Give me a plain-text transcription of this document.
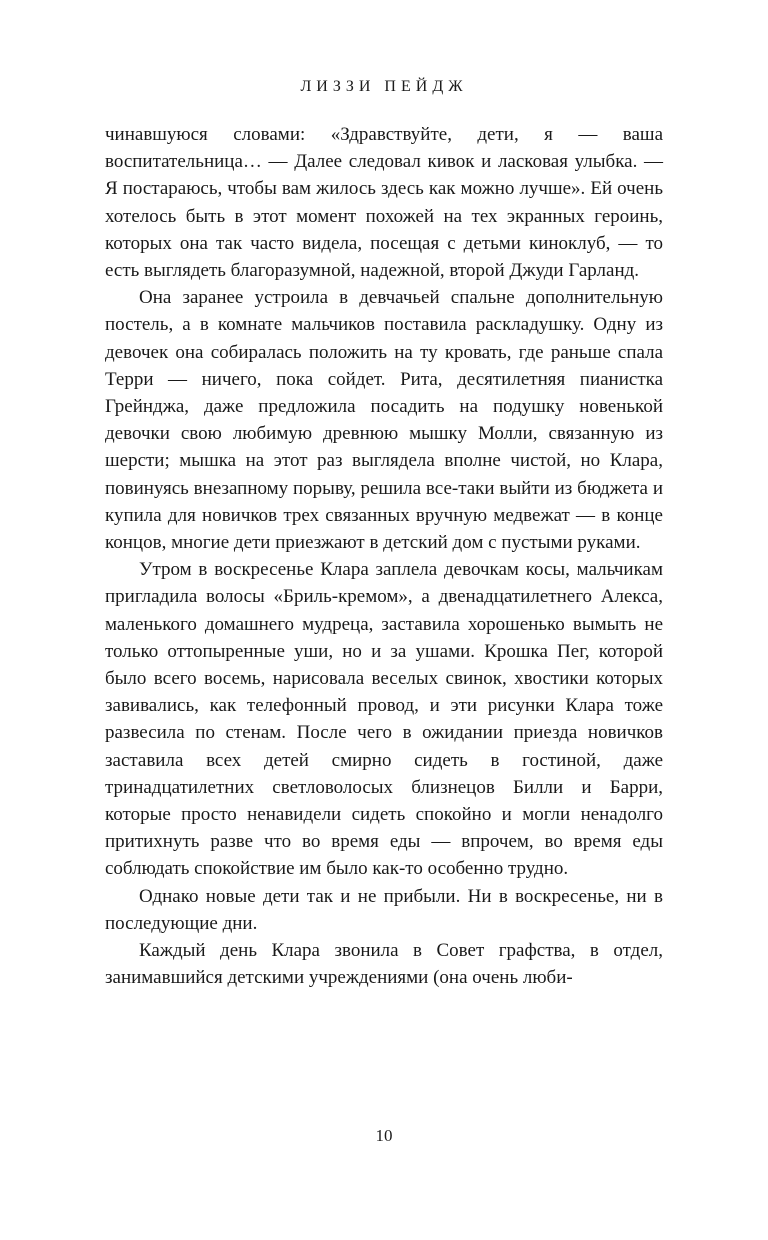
ЛИЗЗИ ПЕЙДЖ

чинавшуюся словами: «Здравствуйте, дети, я — ваша воспитательница… — Далее следовал кивок и ласковая улыбка. — Я постараюсь, чтобы вам жилось здесь как можно лучше». Ей очень хотелось быть в этот момент похожей на тех экранных героинь, которых она так часто видела, посещая с детьми киноклуб, — то есть выглядеть благоразумной, надежной, второй Джуди Гарланд.

Она заранее устроила в девчачьей спальне дополнительную постель, а в комнате мальчиков поставила раскладушку. Одну из девочек она собиралась положить на ту кровать, где раньше спала Терри — ничего, пока сойдет. Рита, десятилетняя пианистка Грейнджа, даже предложила посадить на подушку новенькой девочки свою любимую древнюю мышку Молли, связанную из шерсти; мышка на этот раз выглядела вполне чистой, но Клара, повинуясь внезапному порыву, решила все-таки выйти из бюджета и купила для новичков трех связанных вручную медвежат — в конце концов, многие дети приезжают в детский дом с пустыми руками.

Утром в воскресенье Клара заплела девочкам косы, мальчикам пригладила волосы «Бриль-кремом», а двенадцатилетнего Алекса, маленького домашнего мудреца, заставила хорошенько вымыть не только оттопыренные уши, но и за ушами. Крошка Пег, которой было всего восемь, нарисовала веселых свинок, хвостики которых завивались, как телефонный провод, и эти рисунки Клара тоже развесила по стенам. После чего в ожидании приезда новичков заставила всех детей смирно сидеть в гостиной, даже тринадцатилетних светловолосых близнецов Билли и Барри, которые просто ненавидели сидеть спокойно и могли ненадолго притихнуть разве что во время еды — впрочем, во время еды соблюдать спокойствие им было как-то особенно трудно.

Однако новые дети так и не прибыли. Ни в воскресенье, ни в последующие дни.

Каждый день Клара звонила в Совет графства, в отдел, занимавшийся детскими учреждениями (она очень люби-

10
